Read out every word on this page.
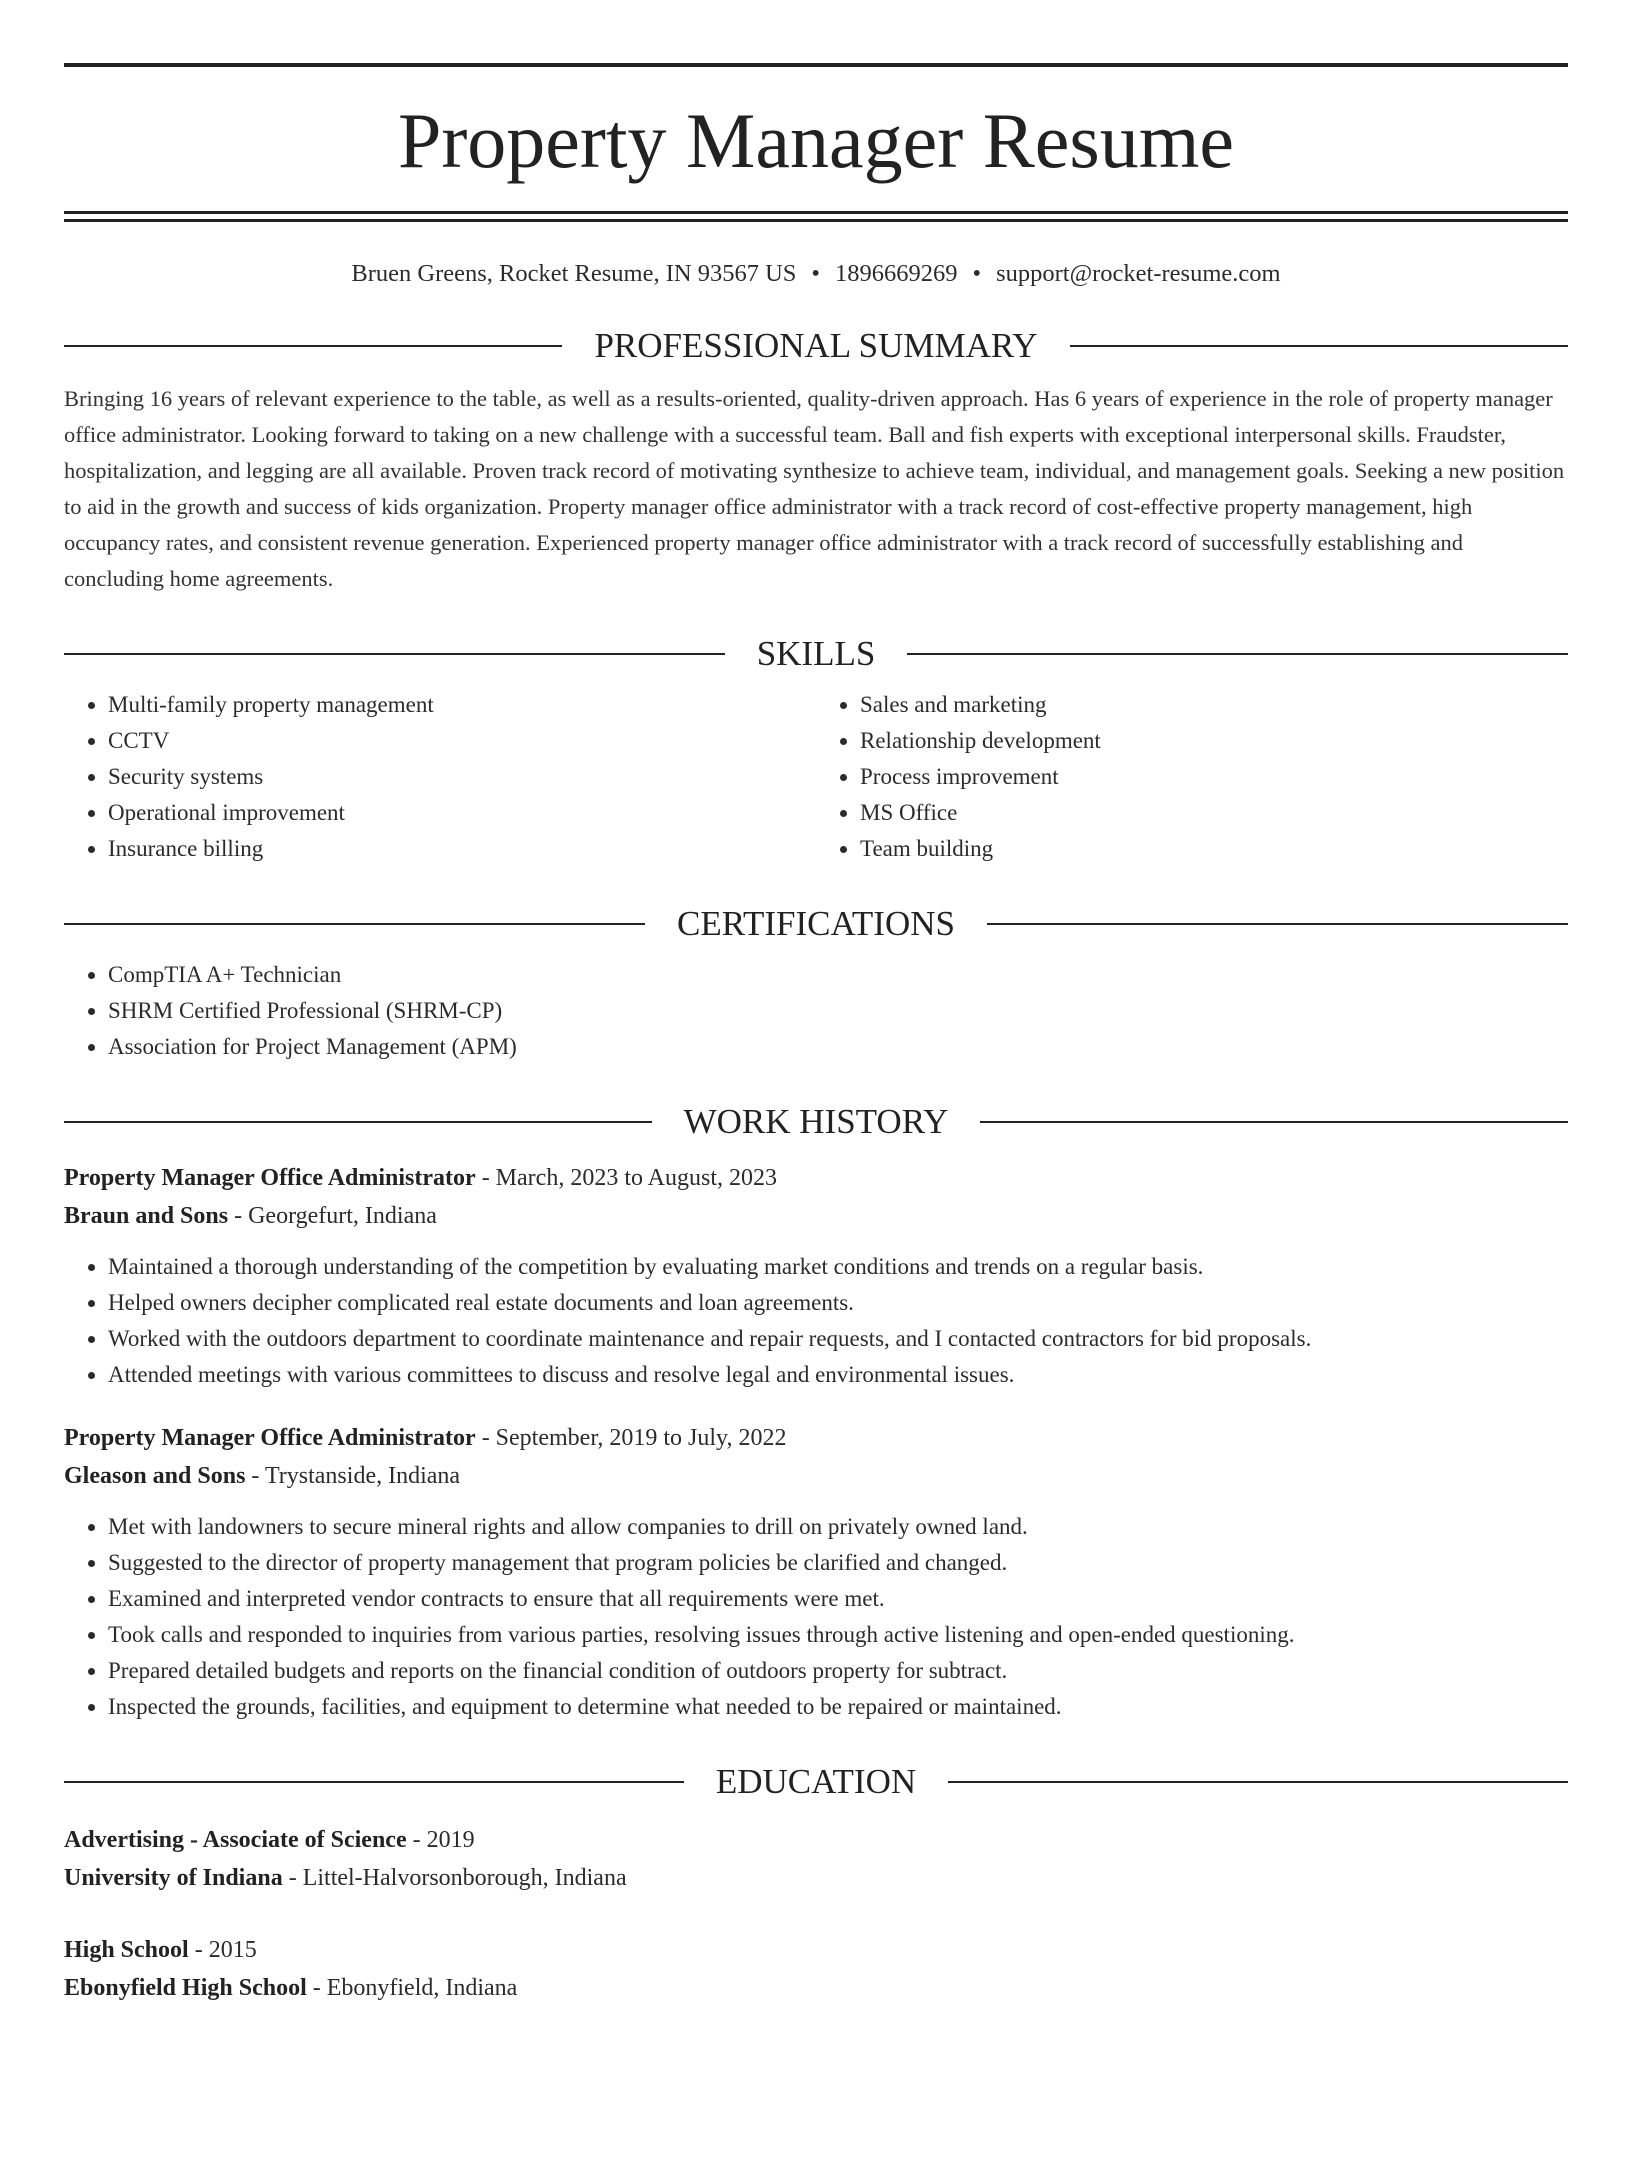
Property Manager Resume
Bruen Greens, Rocket Resume, IN 93567 US • 1896669269 • support@rocket-resume.com
PROFESSIONAL SUMMARY
Bringing 16 years of relevant experience to the table, as well as a results-oriented, quality-driven approach. Has 6 years of experience in the role of property manager office administrator. Looking forward to taking on a new challenge with a successful team. Ball and fish experts with exceptional interpersonal skills. Fraudster, hospitalization, and legging are all available. Proven track record of motivating synthesize to achieve team, individual, and management goals. Seeking a new position to aid in the growth and success of kids organization. Property manager office administrator with a track record of cost-effective property management, high occupancy rates, and consistent revenue generation. Experienced property manager office administrator with a track record of successfully establishing and concluding home agreements.
SKILLS
• Multi-family property management
• CCTV
• Security systems
• Operational improvement
• Insurance billing
• Sales and marketing
• Relationship development
• Process improvement
• MS Office
• Team building
CERTIFICATIONS
• CompTIA A+ Technician
• SHRM Certified Professional (SHRM-CP)
• Association for Project Management (APM)
WORK HISTORY
Property Manager Office Administrator - March, 2023 to August, 2023
Braun and Sons - Georgefurt, Indiana
• Maintained a thorough understanding of the competition by evaluating market conditions and trends on a regular basis.
• Helped owners decipher complicated real estate documents and loan agreements.
• Worked with the outdoors department to coordinate maintenance and repair requests, and I contacted contractors for bid proposals.
• Attended meetings with various committees to discuss and resolve legal and environmental issues.
Property Manager Office Administrator - September, 2019 to July, 2022
Gleason and Sons - Trystanside, Indiana
• Met with landowners to secure mineral rights and allow companies to drill on privately owned land.
• Suggested to the director of property management that program policies be clarified and changed.
• Examined and interpreted vendor contracts to ensure that all requirements were met.
• Took calls and responded to inquiries from various parties, resolving issues through active listening and open-ended questioning.
• Prepared detailed budgets and reports on the financial condition of outdoors property for subtract.
• Inspected the grounds, facilities, and equipment to determine what needed to be repaired or maintained.
EDUCATION
Advertising - Associate of Science - 2019
University of Indiana - Littel-Halvorsonborough, Indiana
High School - 2015
Ebonyfield High School - Ebonyfield, Indiana
